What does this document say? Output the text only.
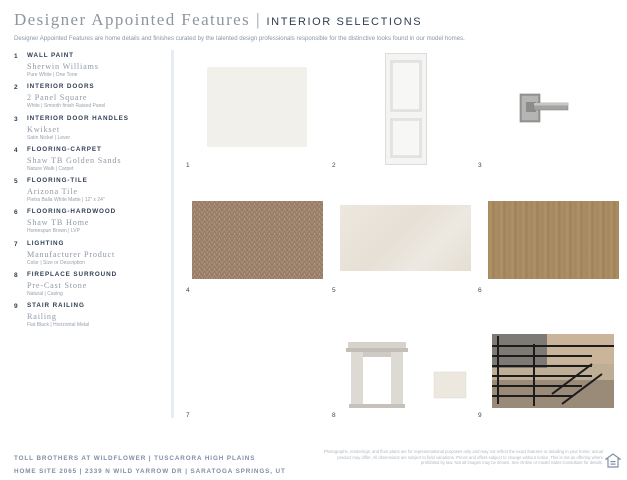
Designer Appointed Features | INTERIOR SELECTIONS
Designer Appointed Features are home details and finishes curated by the talented design professionals responsible for the distinctive looks found in our model homes.
1	WALL PAINT
Sherwin Williams
Pure White | One Tone
2	INTERIOR DOORS
2 Panel Square
White | Smooth finish Raised Panel
3	INTERIOR DOOR HANDLES
Kwikset
Satin Nickel | Lever
4	FLOORING-CARPET
Shaw TB Golden Sands
Nature Walk | Carpet
5	FLOORING-TILE
Arizona Tile
Pietra Balla White Matte | 12" x 24"
6	FLOORING-HARDWOOD
Shaw TB Home
Homespun Brown | LVP
7	LIGHTING
Manufacturer Product
Color | Size or Description
8	FIREPLACE SURROUND
Pre-Cast Stone
Natural | Casing
9	STAIR RAILING
Railing
Flat Black | Horizontal Metal
1	2	3
4	5	6
7	8	9
TOLL BROTHERS AT WILDFLOWER | TUSCARORA HIGH PLAINS
HOME SITE 2065 | 2339 N WILD YARROW DR | SARATOGA SPRINGS, UT
Photographs, renderings, and floor plans are for representational purposes only and may not reflect the exact features or detailing in your home; actual product may differ. All dimensions are subject to field variations. Prices and offers subject to change without notice. This is not an offering where prohibited by law. Not all images may be shown. See Online or model Sales Consultant for details.
